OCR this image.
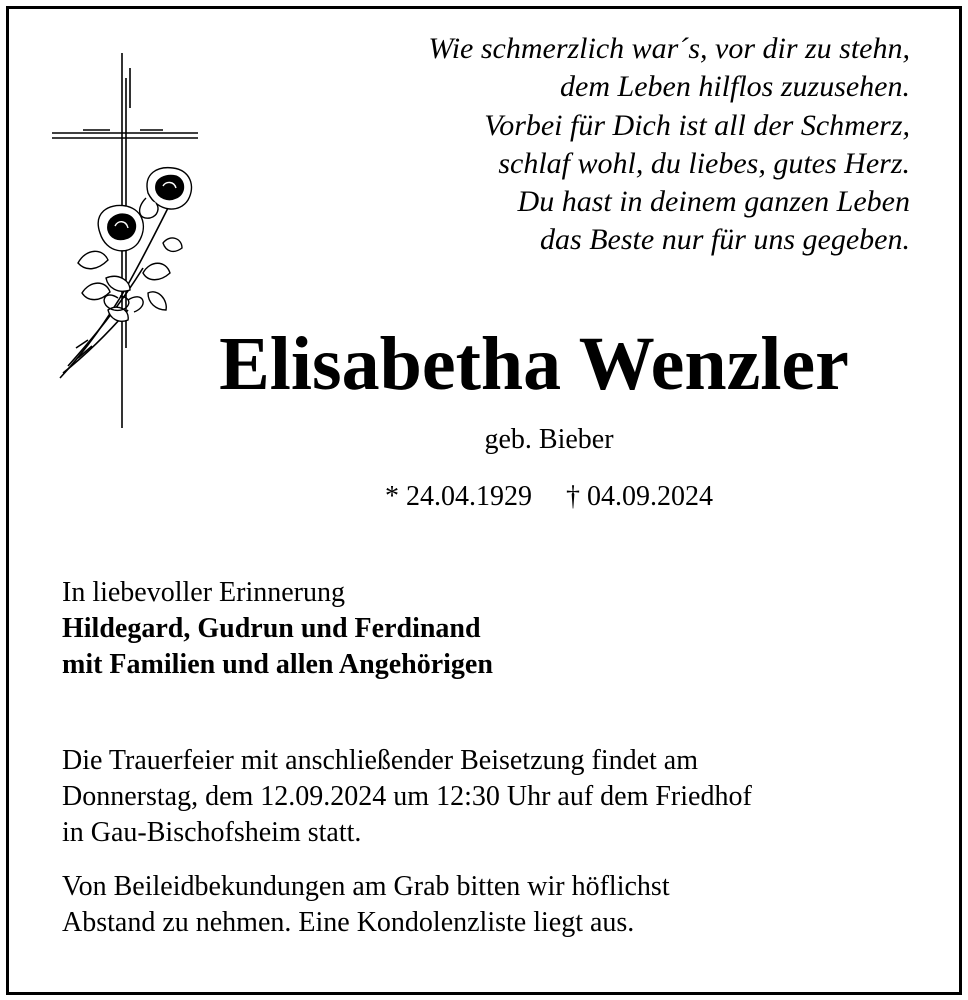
Wie schmerzlich war´s, vor dir zu stehn,
dem Leben hilflos zuzusehen.
Vorbei für Dich ist all der Schmerz,
schlaf wohl, du liebes, gutes Herz.
Du hast in deinem ganzen Leben
das Beste nur für uns gegeben.
Elisabetha Wenzler
geb. Bieber
* 24.04.1929 † 04.09.2024
In liebevoller Erinnerung
Hildegard, Gudrun und Ferdinand
mit Familien und allen Angehörigen
Die Trauerfeier mit anschließender Beisetzung findet am
Donnerstag, dem 12.09.2024 um 12:30 Uhr auf dem Friedhof
in Gau-Bischofsheim statt.
Von Beileidbekundungen am Grab bitten wir höflichst
Abstand zu nehmen. Eine Kondolenzliste liegt aus.
